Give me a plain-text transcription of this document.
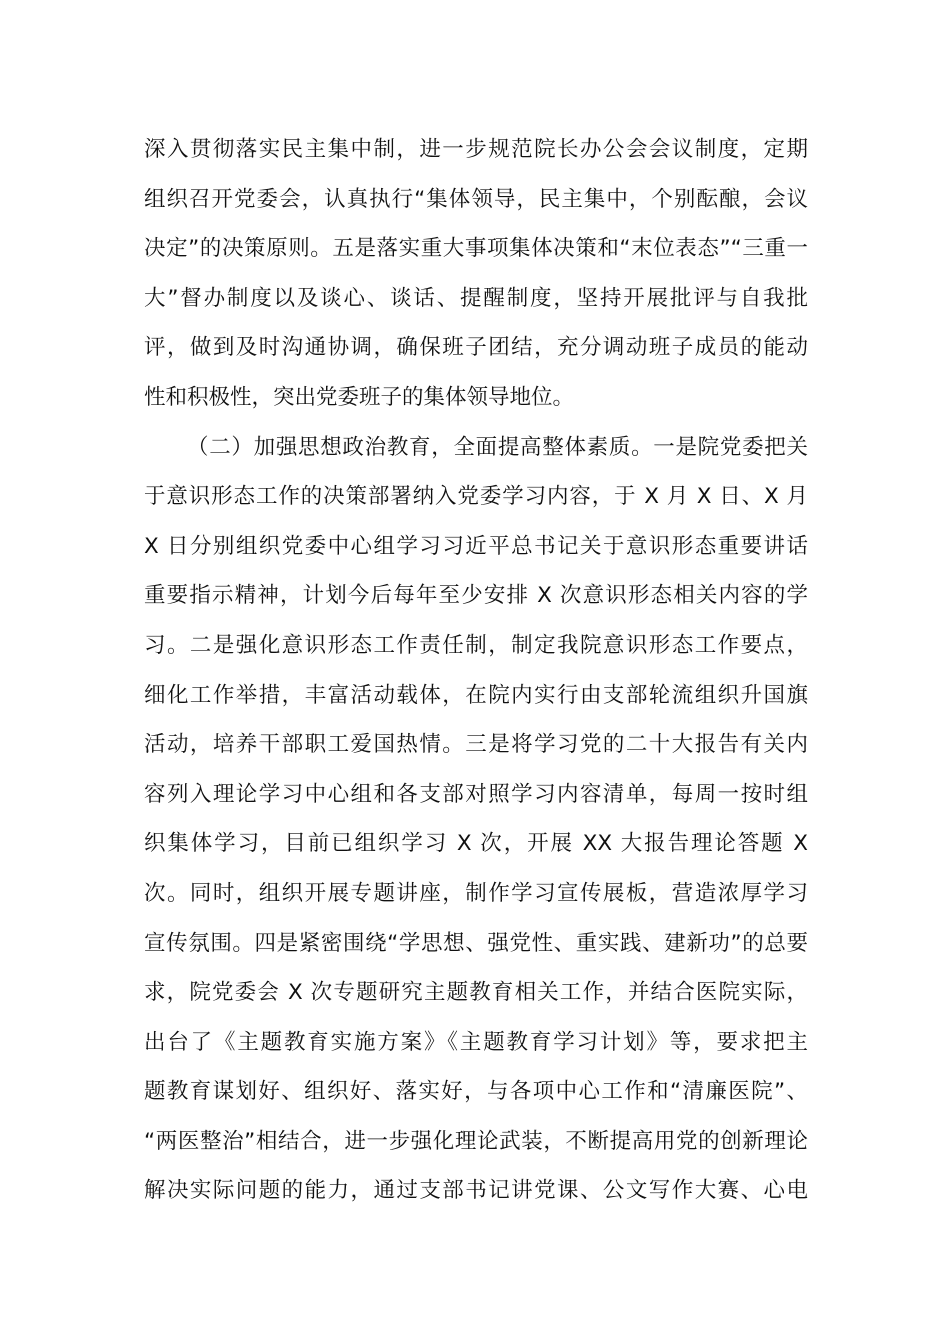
深入贯彻落实民主集中制，进一步规范院长办公会会议制度，定期
组织召开党委会，认真执行“集体领导，民主集中，个别酝酿，会议
决定”的决策原则。五是落实重大事项集体决策和“末位表态”“三重一
大”督办制度以及谈心、谈话、提醒制度，坚持开展批评与自我批
评，做到及时沟通协调，确保班子团结，充分调动班子成员的能动
性和积极性，突出党委班子的集体领导地位。
（二）加强思想政治教育，全面提高整体素质。一是院党委把关
于意识形态工作的决策部署纳入党委学习内容，于 X 月 X 日、X 月
X 日分别组织党委中心组学习习近平总书记关于意识形态重要讲话
重要指示精神，计划今后每年至少安排 X 次意识形态相关内容的学
习。二是强化意识形态工作责任制，制定我院意识形态工作要点，
细化工作举措，丰富活动载体，在院内实行由支部轮流组织升国旗
活动，培养干部职工爱国热情。三是将学习党的二十大报告有关内
容列入理论学习中心组和各支部对照学习内容清单，每周一按时组
织集体学习，目前已组织学习 X 次，开展 XX 大报告理论答题 X
次。同时，组织开展专题讲座，制作学习宣传展板，营造浓厚学习
宣传氛围。四是紧密围绕“学思想、强党性、重实践、建新功”的总要
求，院党委会 X 次专题研究主题教育相关工作，并结合医院实际，
出台了《主题教育实施方案》《主题教育学习计划》等，要求把主
题教育谋划好、组织好、落实好，与各项中心工作和“清廉医院”、
“两医整治”相结合，进一步强化理论武装，不断提高用党的创新理论
解决实际问题的能力，通过支部书记讲党课、公文写作大赛、心电
